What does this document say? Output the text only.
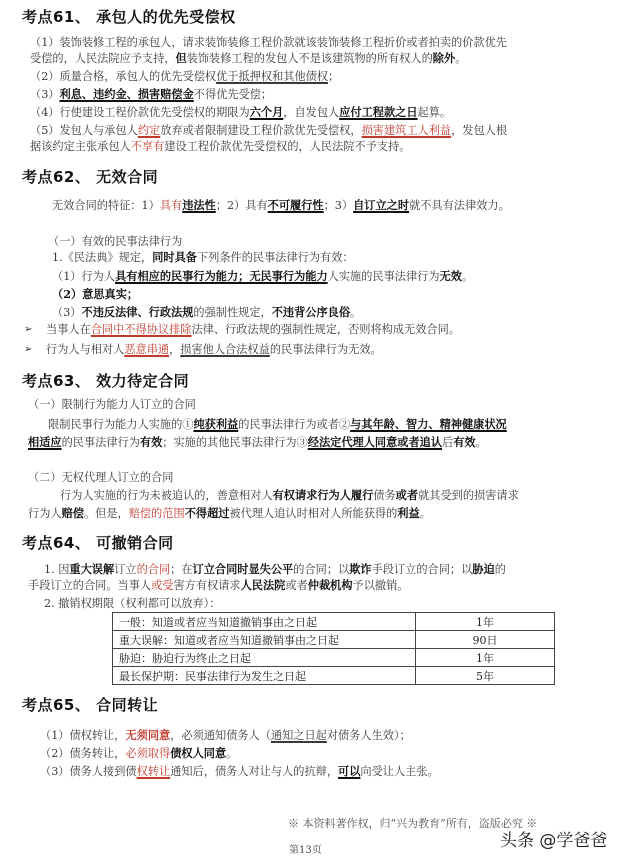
考点61、 承包人的优先受偿权
（1）装饰装修工程的承包人，请求装饰装修工程价款就该装饰装修工程折价或者拍卖的价款优先
受偿的，人民法院应予支持，但装饰装修工程的发包人不是该建筑物的所有权人的除外。
（2）质量合格，承包人的优先受偿权优于抵押权和其他债权；
（3）利息、违约金、损害赔偿金不得优先受偿；
（4）行使建设工程价款优先受偿权的期限为六个月，自发包人应付工程款之日起算。
（5）发包人与承包人约定放弃或者限制建设工程价款优先受偿权，损害建筑工人利益，发包人根
据该约定主张承包人不享有建设工程价款优先受偿权的，人民法院不予支持。
考点62、 无效合同
无效合同的特征：1）具有违法性；2）具有不可履行性；3）自订立之时就不具有法律效力。
（一）有效的民事法律行为
1.《民法典》规定，同时具备下列条件的民事法律行为有效：
（1）行为人具有相应的民事行为能力；无民事行为能力人实施的民事法律行为无效。
（2）意思真实；
（3）不违反法律、行政法规的强制性规定，不违背公序良俗。
➢ 当事人在合同中不得协议排除法律、行政法规的强制性规定，否则将构成无效合同。
➢ 行为人与相对人恶意串通，损害他人合法权益的民事法律行为无效。
考点63、 效力待定合同
（一）限制行为能力人订立的合同
限制民事行为能力人实施的①纯获利益的民事法律行为或者②与其年龄、智力、精神健康状况
相适应的民事法律行为有效；实施的其他民事法律行为③经法定代理人同意或者追认后有效。
（二）无权代理人订立的合同
行为人实施的行为未被追认的，善意相对人有权请求行为人履行债务或者就其受到的损害请求
行为人赔偿。但是，赔偿的范围不得超过被代理人追认时相对人所能获得的利益。
考点64、 可撤销合同
1. 因重大误解订立的合同；在订立合同时显失公平的合同；以欺诈手段订立的合同；以胁迫的
手段订立的合同。当事人或受害方有权请求人民法院或者仲裁机构予以撤销。
2. 撤销权期限（权利都可以放弃）：
一般：知道或者应当知道撤销事由之日起	1年
重大误解：知道或者应当知道撤销事由之日起	90日
胁迫：胁迫行为终止之日起	1年
最长保护期：民事法律行为发生之日起	5年
考点65、 合同转让
（1）债权转让，无须同意，必须通知债务人（通知之日起对债务人生效）；
（2）债务转让，必须取得债权人同意。
（3）债务人接到债权转让通知后，债务人对让与人的抗辩，可以向受让人主张。
※ 本资料著作权，归“兴为教育”所有，盗版必究 ※
第13页	头条 @学爸爸
